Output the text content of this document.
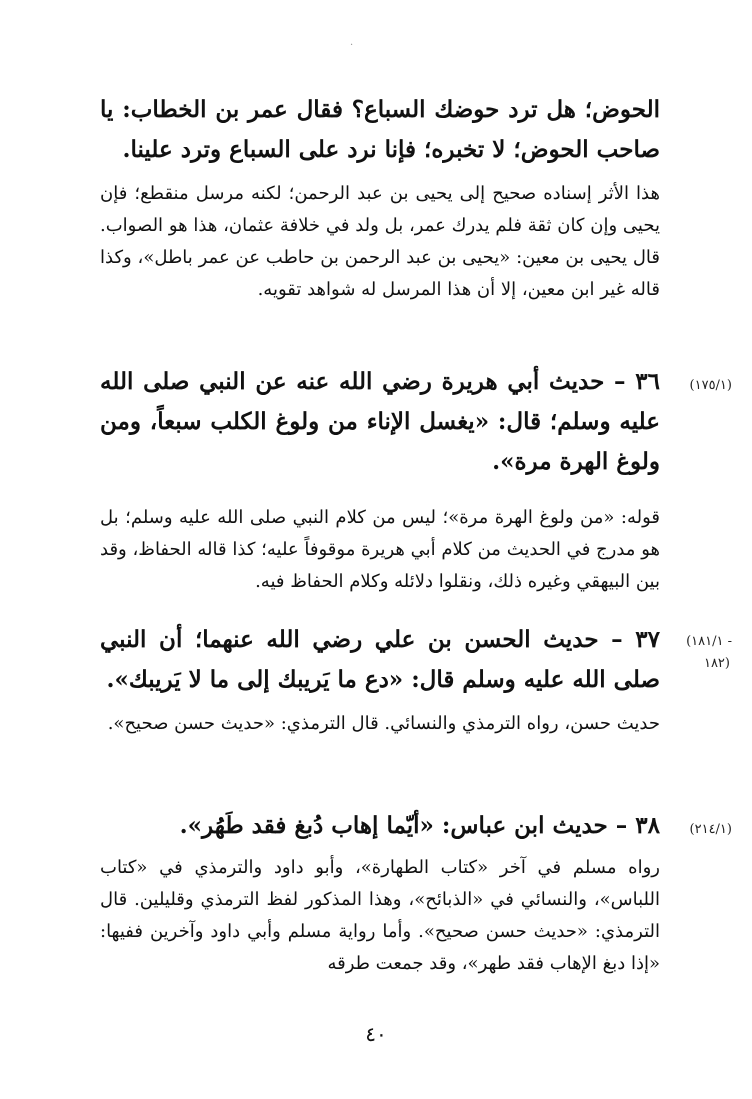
·
الحوض؛ هل ترد حوضك السباع؟ فقال عمر بن الخطاب: يا صاحب الحوض؛ لا تخبره؛ فإنا نرد على السباع وترد علينا.
هذا الأثر إسناده صحيح إلى يحيى بن عبد الرحمن؛ لكنه مرسل منقطع؛ فإن يحيى وإن كان ثقة فلم يدرك عمر، بل ولد في خلافة عثمان، هذا هو الصواب. قال يحيى بن معين: «يحيى بن عبد الرحمن بن حاطب عن عمر باطل»، وكذا قاله غير ابن معين، إلا أن هذا المرسل له شواهد تقويه.
(١٧٥/١)
٣٦ – حديث أبي هريرة رضي الله عنه عن النبي صلى الله عليه وسلم؛ قال: «يغسل الإناء من ولوغ الكلب سبعاً، ومن ولوغ الهرة مرة».
قوله: «من ولوغ الهرة مرة»؛ ليس من كلام النبي صلى الله عليه وسلم؛ بل هو مدرج في الحديث من كلام أبي هريرة موقوفاً عليه؛ كذا قاله الحفاظ، وقد بين البيهقي وغيره ذلك، ونقلوا دلائله وكلام الحفاظ فيه.
(١٨١/١ -
١٨٢)
٣٧ – حديث الحسن بن علي رضي الله عنهما؛ أن النبي صلى الله عليه وسلم قال: «دع ما يَريبك إلى ما لا يَريبك».
حديث حسن، رواه الترمذي والنسائي. قال الترمذي: «حديث حسن صحيح».
(٢١٤/١)
٣٨ – حديث ابن عباس: «أيّما إهاب دُبغ فقد طَهُر».
رواه مسلم في آخر «كتاب الطهارة»، وأبو داود والترمذي في «كتاب اللباس»، والنسائي في «الذبائح»، وهذا المذكور لفظ الترمذي وقليلين. قال الترمذي: «حديث حسن صحيح». وأما رواية مسلم وأبي داود وآخرين ففيها: «إذا دبغ الإهاب فقد طهر»، وقد جمعت طرقه
٤٠
